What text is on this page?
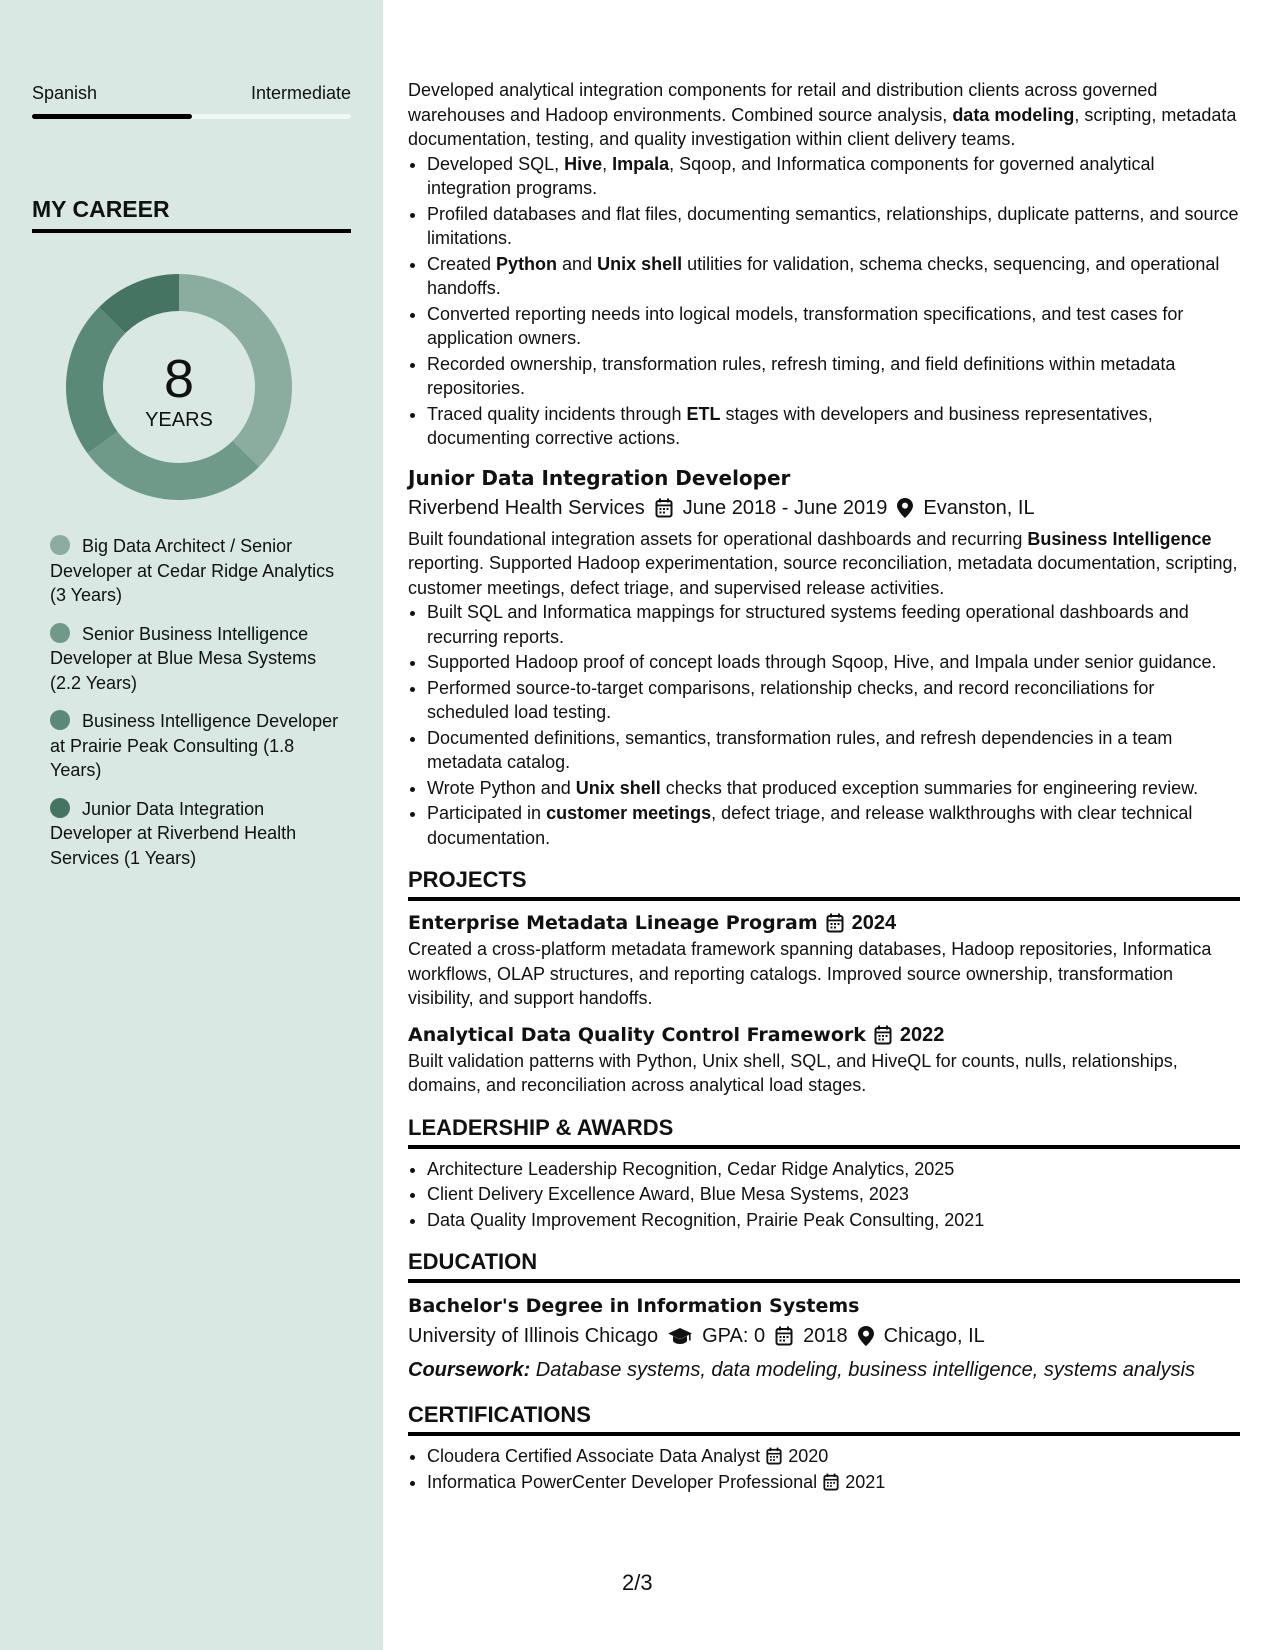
Spanish	Intermediate
MY CAREER
8
YEARS
Big Data Architect / Senior Developer at Cedar Ridge Analytics (3 Years)
Senior Business Intelligence Developer at Blue Mesa Systems (2.2 Years)
Business Intelligence Developer at Prairie Peak Consulting (1.8 Years)
Junior Data Integration Developer at Riverbend Health Services (1 Years)

Developed analytical integration components for retail and distribution clients across governed warehouses and Hadoop environments. Combined source analysis, data modeling, scripting, metadata documentation, testing, and quality investigation within client delivery teams.

• Developed SQL, Hive, Impala, Sqoop, and Informatica components for governed analytical integration programs.
• Profiled databases and flat files, documenting semantics, relationships, duplicate patterns, and source limitations.
• Created Python and Unix shell utilities for validation, schema checks, sequencing, and operational handoffs.
• Converted reporting needs into logical models, transformation specifications, and test cases for application owners.
• Recorded ownership, transformation rules, refresh timing, and field definitions within metadata repositories.
• Traced quality incidents through ETL stages with developers and business representatives, documenting corrective actions.
Junior Data Integration Developer
Riverbend Health Services June 2018 - June 2019 Evanston, IL

Built foundational integration assets for operational dashboards and recurring Business Intelligence reporting. Supported Hadoop experimentation, source reconciliation, metadata documentation, scripting, customer meetings, defect triage, and supervised release activities.

• Built SQL and Informatica mappings for structured systems feeding operational dashboards and recurring reports.
• Supported Hadoop proof of concept loads through Sqoop, Hive, and Impala under senior guidance.
• Performed source-to-target comparisons, relationship checks, and record reconciliations for scheduled load testing.
• Documented definitions, semantics, transformation rules, and refresh dependencies in a team metadata catalog.
• Wrote Python and Unix shell checks that produced exception summaries for engineering review.
• Participated in customer meetings, defect triage, and release walkthroughs with clear technical documentation.
PROJECTS
Enterprise Metadata Lineage Program 2024

Created a cross-platform metadata framework spanning databases, Hadoop repositories, Informatica workflows, OLAP structures, and reporting catalogs. Improved source ownership, transformation visibility, and support handoffs.

Analytical Data Quality Control Framework 2022

Built validation patterns with Python, Unix shell, SQL, and HiveQL for counts, nulls, relationships, domains, and reconciliation across analytical load stages.

LEADERSHIP & AWARDS
• Architecture Leadership Recognition, Cedar Ridge Analytics, 2025
• Client Delivery Excellence Award, Blue Mesa Systems, 2023
• Data Quality Improvement Recognition, Prairie Peak Consulting, 2021
EDUCATION
Bachelor's Degree in Information Systems
University of Illinois Chicago GPA: 0 2018 Chicago, IL
Coursework: Database systems, data modeling, business intelligence, systems analysis
CERTIFICATIONS
• Cloudera Certified Associate Data Analyst 2020
• Informatica PowerCenter Developer Professional 2021
2/3
